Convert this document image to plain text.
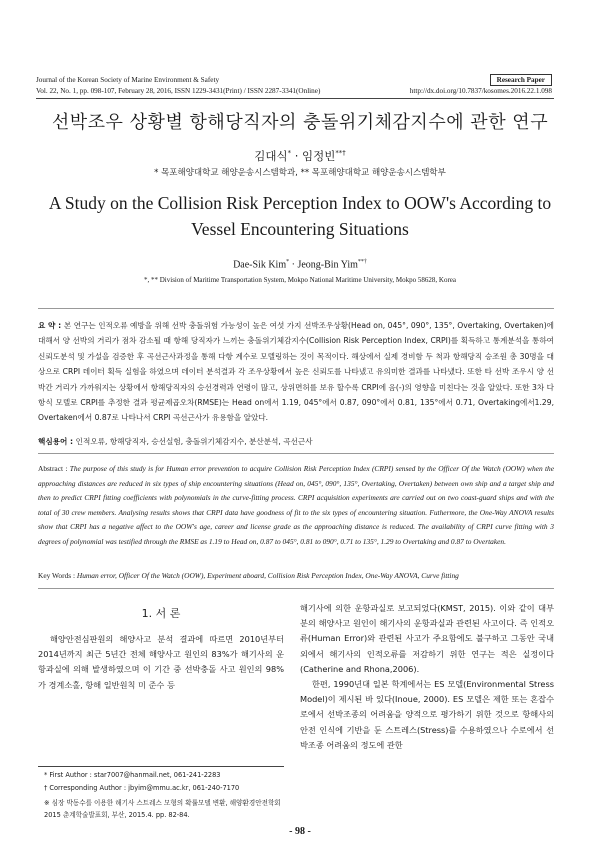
Journal of the Korean Society of Marine Environment & Safety
Vol. 22, No. 1, pp. 098-107, February 28, 2016, ISSN 1229-3431(Print) / ISSN 2287-3341(Online)
Research Paper
http://dx.doi.org/10.7837/kosomes.2016.22.1.098
선박조우 상황별 항해당직자의 충돌위기체감지수에 관한 연구
김대식* · 임정빈**†
* 목포해양대학교 해양운송시스템학과, ** 목포해양대학교 해양운송시스템학부
A Study on the Collision Risk Perception Index to OOW's According to
Vessel Encountering Situations
Dae-Sik Kim* · Jeong-Bin Yim**†
*, ** Division of Maritime Transportation System, Mokpo National Maritime University, Mokpo 58628, Korea
요 약 : 본 연구는 인적오류 예방을 위해 선박 충돌위험 가능성이 높은 여섯 가지 선박조우상황(Head on, 045°, 090°, 135°, Overtaking, Overtaken)에 대해서 양 선박의 거리가 점차 감소될 때 항해 당직자가 느끼는 충돌위기체감지수(Collision Risk Perception Index, CRPI)를 획득하고 통계분석을 통하여 신뢰도분석 및 가설을 검증한 후 곡선근사과정을 통해 다항 계수로 모델링하는 것이 목적이다. 해상에서 실제 경비함 두 척과 항해당직 승조원 총 30명을 대상으로 CRPI 데이터 획득 실험을 하였으며 데이터 분석결과 각 조우상황에서 높은 신뢰도를 나타냈고 유의미한 결과를 나타냈다. 또한 타 선박 조우시 양 선박간 거리가 가까워지는 상황에서 항해당직자의 승선경력과 연령이 많고, 상위면허를 보유 할수록 CRPI에 음(-)의 영향을 미친다는 것을 알았다. 또한 3차 다항식 모델로 CRPI를 추정한 결과 평균제곱오차(RMSE)는 Head on에서 1.19, 045°에서 0.87, 090°에서 0.81, 135°에서 0.71, Overtaking에서1.29, Overtaken에서 0.87로 나타나서 CRPI 곡선근사가 유용함을 알았다.
핵심용어 : 인적오류, 항해당직자, 승선실험, 충돌위기체감지수, 분산분석, 곡선근사
Abstract : The purpose of this study is for Human error prevention to acquire Collision Risk Perception Index (CRPI) sensed by the Officer Of the Watch (OOW) when the approaching distances are reduced in six types of ship encountering situations (Head on, 045°, 090°, 135°, Overtaking, Overtaken) between own ship and a target ship and then to predict CRPI fitting coefficients with polynomials in the curve-fitting process. CRPI acquisition experiments are carried out on two coast-guard ships and with the total of 30 crew members. Analysing results shows that CRPI data have goodness of fit to the six types of encountering situation. Futhermore, the One-Way ANOVA results show that CRPI has a negative affect to the OOW's age, career and license grade as the approaching distance is reduced. The availability of CRPI curve fitting with 3 degrees of polynomial was testified through the RMSE as 1.19 to Head on, 0.87 to 045°, 0.81 to 090°, 0.71 to 135°, 1.29 to Overtaking and 0.87 to Overtaken.
Key Words : Human error, Officer Of the Watch (OOW), Experiment aboard, Collision Risk Perception Index, One-Way ANOVA, Curve fitting
1. 서 론
해양안전심판원의 해양사고 분석 결과에 따르면 2010년부터 2014년까지 최근 5년간 전체 해양사고 원인의 83%가 해기사의 운항과실에 의해 발생하였으며 이 기간 중 선박충돌 사고 원인의 98%가 경계소홀, 항해 일반원칙 미 준수 등

해기사에 의한 운항과실로 보고되었다(KMST, 2015). 이와 같이 대부분의 해양사고 원인이 해기사의 운항과실과 관련된 사고이다. 즉 인적오류(Human Error)와 관련된 사고가 주요함에도 불구하고 그동안 국내외에서 해기사의 인적오류를 저감하기 위한 연구는 적은 실정이다(Catherine and Rhona,2006).

한편, 1990년대 일본 학계에서는 ES 모델(Environmental Stress Model)이 제시된 바 있다(Inoue, 2000). ES 모델은 제한 또는 혼잡수로에서 선박조종의 어려움을 양적으로 평가하기 위한 것으로 항해사의 안전 인식에 기반을 둔 스트레스(Stress)를 수용하였으나 수로에서 선박조종 어려움의 정도에 관한

* First Author : star7007@hanmail.net, 061-241-2283
† Corresponding Author : jbyim@mmu.ac.kr, 061-240-7170
※ 심장 박동수를 이용한 해기사 스트레스 모형의 확률모델 변환, 해양환경안전학회 2015 춘계학술발표회, 부산, 2015.4. pp. 82-84.
- 98 -
